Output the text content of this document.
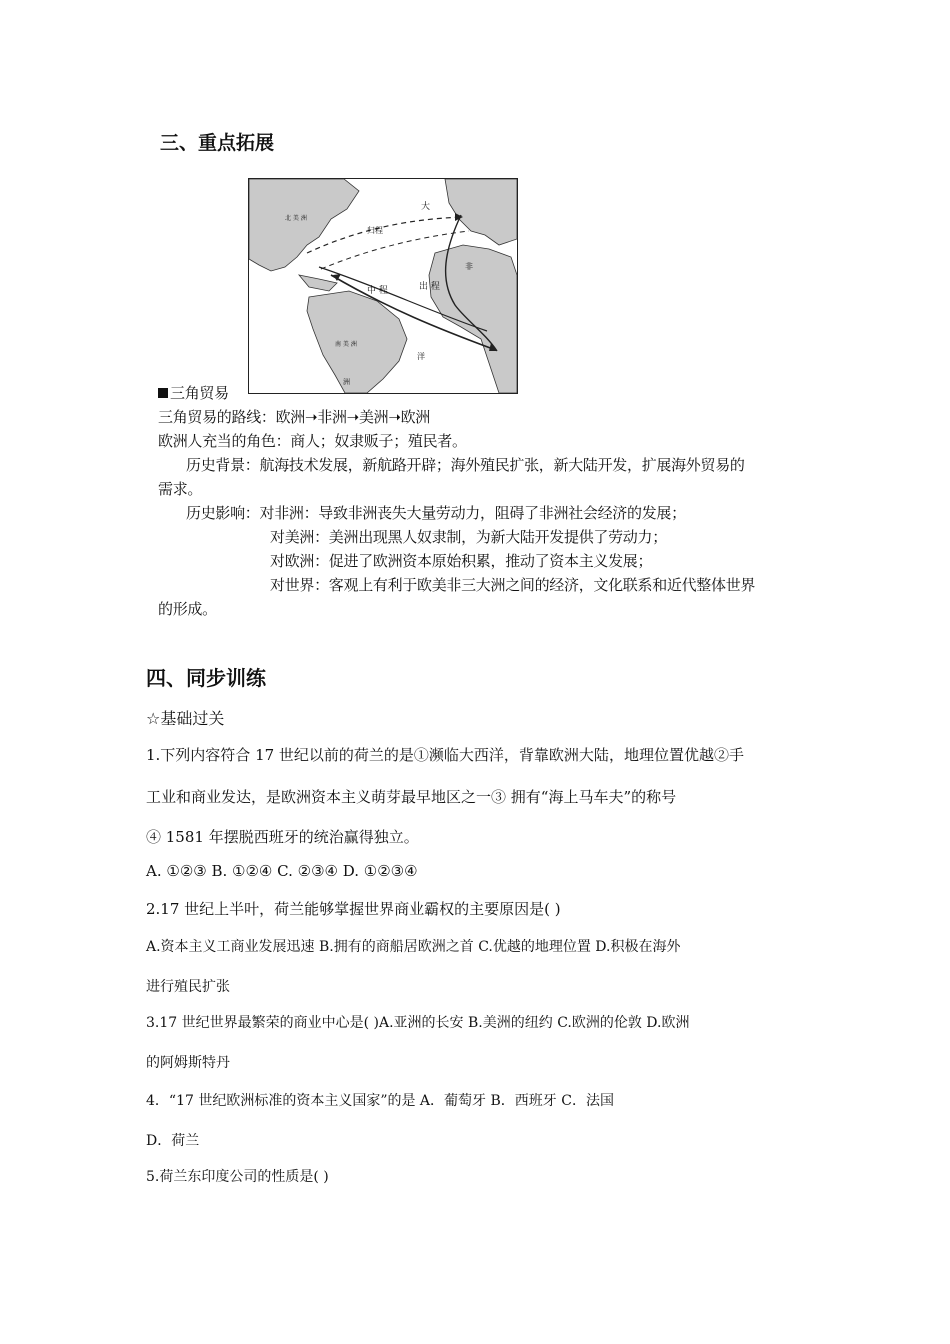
三、重点拓展
北 美 洲
大
归程
中 程	出 程
非
南 美 洲
洋
洲
三角贸易
三角贸易的路线：欧洲➝非洲➝美洲➝欧洲
欧洲人充当的角色：商人；奴隶贩子；殖民者。
历史背景：航海技术发展，新航路开辟；海外殖民扩张，新大陆开发，扩展海外贸易的
需求。
历史影响：对非洲：导致非洲丧失大量劳动力，阻碍了非洲社会经济的发展；
对美洲：美洲出现黑人奴隶制，为新大陆开发提供了劳动力；
对欧洲：促进了欧洲资本原始积累，推动了资本主义发展；
对世界：客观上有利于欧美非三大洲之间的经济，文化联系和近代整体世界
的形成。
四、同步训练
☆基础过关
1.下列内容符合 17 世纪以前的荷兰的是①濒临大西洋，背靠欧洲大陆，地理位置优越②手
工业和商业发达，是欧洲资本主义萌芽最早地区之一③ 拥有“海上马车夫”的称号
④ 1581 年摆脱西班牙的统治赢得独立。
A. ①②③ B. ①②④ C. ②③④ D. ①②③④
2.17 世纪上半叶，荷兰能够掌握世界商业霸权的主要原因是( )
A.资本主义工商业发展迅速 B.拥有的商船居欧洲之首 C.优越的地理位置 D.积极在海外
进行殖民扩张
3.17 世纪世界最繁荣的商业中心是( )A.亚洲的长安 B.美洲的纽约 C.欧洲的伦敦 D.欧洲
的阿姆斯特丹
4．“17 世纪欧洲标准的资本主义国家”的是 A．葡萄牙 B．西班牙 C．法国
D．荷兰
5.荷兰东印度公司的性质是( )
